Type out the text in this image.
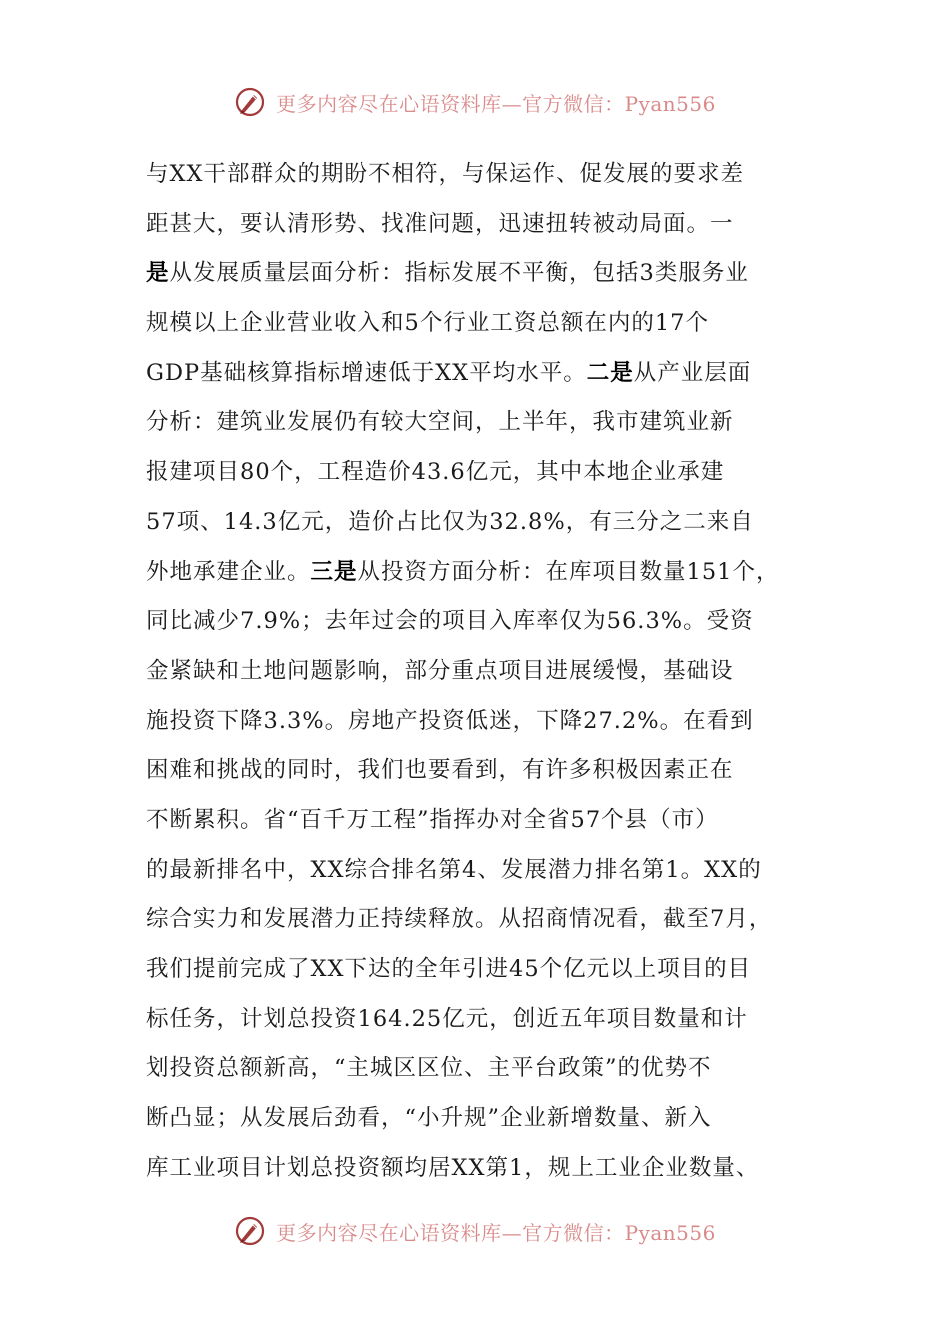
更多内容尽在心语资料库—官方微信：Pyan556
与XX干部群众的期盼不相符，与保运作、促发展的要求差
距甚大，要认清形势、找准问题，迅速扭转被动局面。一
是从发展质量层面分析：指标发展不平衡，包括3类服务业
规模以上企业营业收入和5个行业工资总额在内的17个
GDP基础核算指标增速低于XX平均水平。二是从产业层面
分析：建筑业发展仍有较大空间，上半年，我市建筑业新
报建项目80个，工程造价43.6亿元，其中本地企业承建
57项、14.3亿元，造价占比仅为32.8%，有三分之二来自
外地承建企业。三是从投资方面分析：在库项目数量151个，
同比减少7.9%；去年过会的项目入库率仅为56.3%。受资
金紧缺和土地问题影响，部分重点项目进展缓慢，基础设
施投资下降3.3%。房地产投资低迷，下降27.2%。在看到
困难和挑战的同时，我们也要看到，有许多积极因素正在
不断累积。省“百千万工程”指挥办对全省57个县（市）
的最新排名中，XX综合排名第4、发展潜力排名第1。XX的
综合实力和发展潜力正持续释放。从招商情况看，截至7月，
我们提前完成了XX下达的全年引进45个亿元以上项目的目
标任务，计划总投资164.25亿元，创近五年项目数量和计
划投资总额新高，“主城区区位、主平台政策”的优势不
断凸显；从发展后劲看，“小升规”企业新增数量、新入
库工业项目计划总投资额均居XX第1，规上工业企业数量、
更多内容尽在心语资料库—官方微信：Pyan556
